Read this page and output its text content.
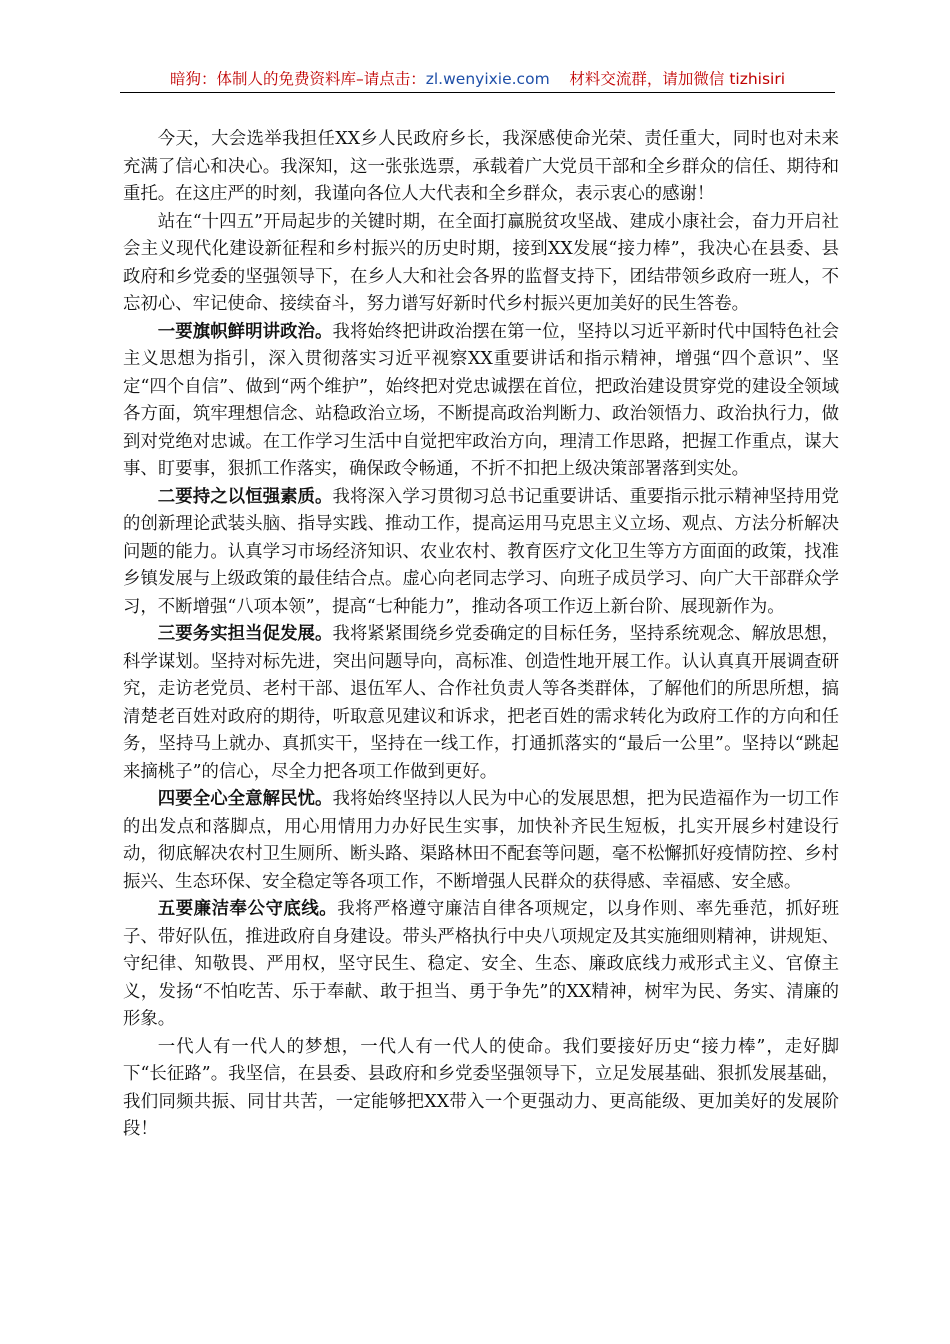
暗狗：体制人的免费资料库–请点击：zl.wenyixie.com 材料交流群，请加微信 tizhisiri

今天，大会选举我担任XX乡人民政府乡长，我深感使命光荣、责任重大，同时也对未来充满了信心和决心。我深知，这一张张选票，承载着广大党员干部和全乡群众的信任、期待和重托。在这庄严的时刻，我谨向各位人大代表和全乡群众，表示衷心的感谢！

站在“十四五”开局起步的关键时期，在全面打赢脱贫攻坚战、建成小康社会，奋力开启社会主义现代化建设新征程和乡村振兴的历史时期，接到XX发展“接力棒”，我决心在县委、县政府和乡党委的坚强领导下，在乡人大和社会各界的监督支持下，团结带领乡政府一班人，不忘初心、牢记使命、接续奋斗，努力谱写好新时代乡村振兴更加美好的民生答卷。

一要旗帜鲜明讲政治。我将始终把讲政治摆在第一位，坚持以习近平新时代中国特色社会主义思想为指引，深入贯彻落实习近平视察XX重要讲话和指示精神，增强“四个意识”、坚定“四个自信”、做到“两个维护”，始终把对党忠诚摆在首位，把政治建设贯穿党的建设全领域各方面，筑牢理想信念、站稳政治立场，不断提高政治判断力、政治领悟力、政治执行力，做到对党绝对忠诚。在工作学习生活中自觉把牢政治方向，理清工作思路，把握工作重点，谋大事、盯要事，狠抓工作落实，确保政令畅通，不折不扣把上级决策部署落到实处。

二要持之以恒强素质。我将深入学习贯彻习总书记重要讲话、重要指示批示精神坚持用党的创新理论武装头脑、指导实践、推动工作，提高运用马克思主义立场、观点、方法分析解决问题的能力。认真学习市场经济知识、农业农村、教育医疗文化卫生等方方面面的政策，找准乡镇发展与上级政策的最佳结合点。虚心向老同志学习、向班子成员学习、向广大干部群众学习，不断增强“八项本领”，提高“七种能力”，推动各项工作迈上新台阶、展现新作为。

三要务实担当促发展。我将紧紧围绕乡党委确定的目标任务，坚持系统观念、解放思想，科学谋划。坚持对标先进，突出问题导向，高标准、创造性地开展工作。认认真真开展调查研究，走访老党员、老村干部、退伍军人、合作社负责人等各类群体，了解他们的所思所想，搞清楚老百姓对政府的期待，听取意见建议和诉求，把老百姓的需求转化为政府工作的方向和任务，坚持马上就办、真抓实干，坚持在一线工作，打通抓落实的“最后一公里”。坚持以“跳起来摘桃子”的信心，尽全力把各项工作做到更好。

四要全心全意解民忧。我将始终坚持以人民为中心的发展思想，把为民造福作为一切工作的出发点和落脚点，用心用情用力办好民生实事，加快补齐民生短板，扎实开展乡村建设行动，彻底解决农村卫生厕所、断头路、渠路林田不配套等问题，毫不松懈抓好疫情防控、乡村振兴、生态环保、安全稳定等各项工作，不断增强人民群众的获得感、幸福感、安全感。

五要廉洁奉公守底线。我将严格遵守廉洁自律各项规定，以身作则、率先垂范，抓好班子、带好队伍，推进政府自身建设。带头严格执行中央八项规定及其实施细则精神，讲规矩、守纪律、知敬畏、严用权，坚守民生、稳定、安全、生态、廉政底线力戒形式主义、官僚主义，发扬“不怕吃苦、乐于奉献、敢于担当、勇于争先”的XX精神，树牢为民、务实、清廉的形象。

一代人有一代人的梦想，一代人有一代人的使命。我们要接好历史“接力棒”，走好脚下“长征路”。我坚信，在县委、县政府和乡党委坚强领导下，立足发展基础、狠抓发展基础，我们同频共振、同甘共苦，一定能够把XX带入一个更强动力、更高能级、更加美好的发展阶段！
